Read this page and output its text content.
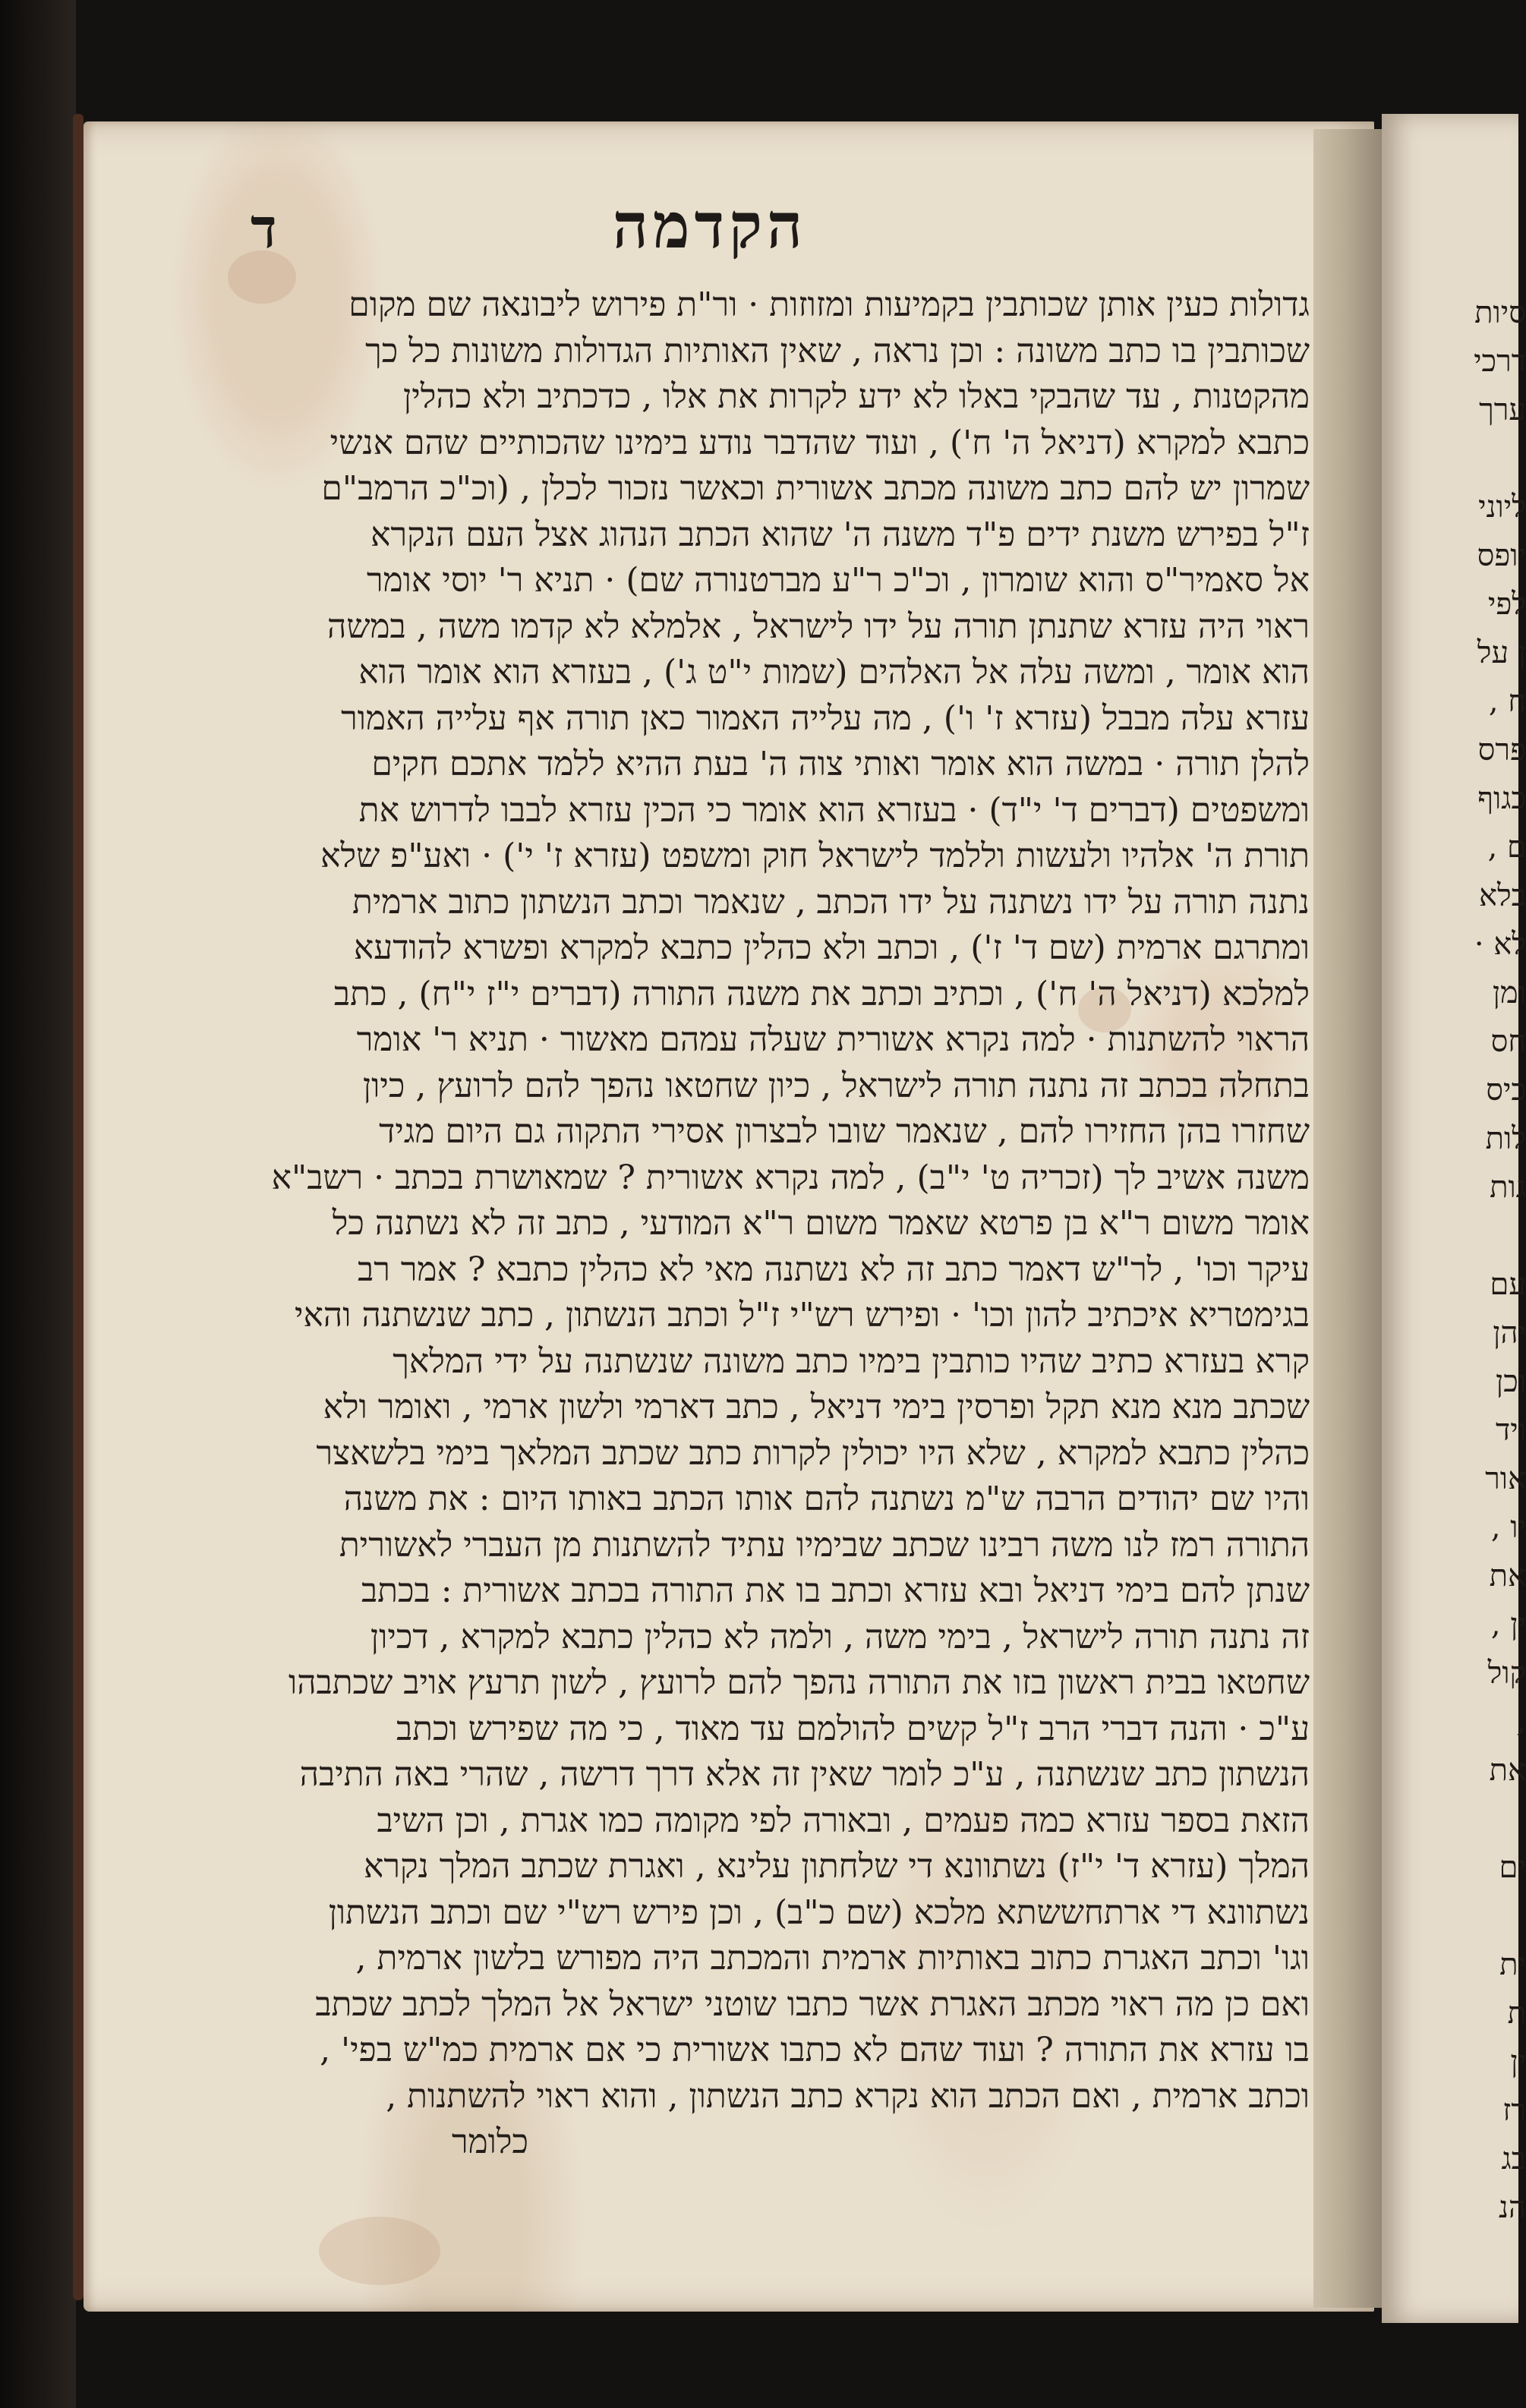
סיות
דרכי
ערך
ליוני
יופס
לפי
ן על
ח ,
פרס
כגוף
ם ,
בלא
לא ·
ומן
חס
כיס
לות
גות
עם
יהן
וכן
ויד
אור
יו ,
את
ין ,
קול
,
את
ים
ית
ת
ין
רז
בג
הנ
הקדמה
ד
גדולות כעין אותן שכותבין בקמיעות ומזוזות · ור"ת פירוש ליבונאה שם מקום
שכותבין בו כתב משונה : וכן נראה , שאין האותיות הגדולות משונות כל כך
מהקטנות , עד שהבקי באלו לא ידע לקרות את אלו , כדכתיב ולא כהלין
כתבא למקרא (דניאל ה' ח') , ועוד שהדבר נודע בימינו שהכותיים שהם אנשי
שמרון יש להם כתב משונה מכתב אשורית וכאשר נזכור לכלן , (וכ"כ הרמב"ם
ז"ל בפירש משנת ידים פ"ד משנה ה' שהוא הכתב הנהוג אצל העם הנקרא
אל סאמיר"ס והוא שומרון , וכ"כ ר"ע מברטנורה שם) · תניא ר' יוסי אומר
ראוי היה עזרא שתנתן תורה על ידו לישראל , אלמלא לא קדמו משה , במשה
הוא אומר , ומשה עלה אל האלהים (שמות י"ט ג') , בעזרא הוא אומר הוא
עזרא עלה מבבל (עזרא ז' ו') , מה עלייה האמור כאן תורה אף עלייה האמור
להלן תורה · במשה הוא אומר ואותי צוה ה' בעת ההיא ללמד אתכם חקים
ומשפטים (דברים ד' י"ד) · בעזרא הוא אומר כי הכין עזרא לבבו לדרוש את
תורת ה' אלהיו ולעשות וללמד לישראל חוק ומשפט (עזרא ז' י') · ואע"פ שלא
נתנה תורה על ידו נשתנה על ידו הכתב , שנאמר וכתב הנשתון כתוב ארמית
ומתרגם ארמית (שם ד' ז') , וכתב ולא כהלין כתבא למקרא ופשרא להודעא
למלכא (דניאל ה' ח') , וכתיב וכתב את משנה התורה (דברים י"ז י"ח) , כתב
הראוי להשתנות · למה נקרא אשורית שעלה עמהם מאשור · תניא ר' אומר
בתחלה בכתב זה נתנה תורה לישראל , כיון שחטאו נהפך להם לרועץ , כיון
שחזרו בהן החזירו להם , שנאמר שובו לבצרון אסירי התקוה גם היום מגיד
משנה אשיב לך (זכריה ט' י"ב) , למה נקרא אשורית ? שמאושרת בכתב · רשב"א
אומר משום ר"א בן פרטא שאמר משום ר"א המודעי , כתב זה לא נשתנה כל
עיקר וכו' , לר"ש דאמר כתב זה לא נשתנה מאי לא כהלין כתבא ? אמר רב
בגימטריא איכתיב להון וכו' · ופירש רש"י ז"ל וכתב הנשתון , כתב שנשתנה והאי
קרא בעזרא כתיב שהיו כותבין בימיו כתב משונה שנשתנה על ידי המלאך
שכתב מנא מנא תקל ופרסין בימי דניאל , כתב דארמי ולשון ארמי , ואומר ולא
כהלין כתבא למקרא , שלא היו יכולין לקרות כתב שכתב המלאך בימי בלשאצר
והיו שם יהודים הרבה ש"מ נשתנה להם אותו הכתב באותו היום : את משנה
התורה רמז לנו משה רבינו שכתב שבימיו עתיד להשתנות מן העברי לאשורית
שנתן להם בימי דניאל ובא עזרא וכתב בו את התורה בכתב אשורית : בכתב
זה נתנה תורה לישראל , בימי משה , ולמה לא כהלין כתבא למקרא , דכיון
שחטאו בבית ראשון בזו את התורה נהפך להם לרועץ , לשון תרעץ אויב שכתבהו
ע"כ · והנה דברי הרב ז"ל קשים להולמם עד מאוד , כי מה שפירש וכתב
הנשתון כתב שנשתנה , ע"כ לומר שאין זה אלא דרך דרשה , שהרי באה התיבה
הזאת בספר עזרא כמה פעמים , ובאורה לפי מקומה כמו אגרת , וכן השיב
המלך (עזרא ד' י"ז) נשתוונא די שלחתון עלינא , ואגרת שכתב המלך נקרא
נשתוונא די ארתחששתא מלכא (שם כ"ב) , וכן פירש רש"י שם וכתב הנשתון
וגו' וכתב האגרת כתוב באותיות ארמית והמכתב היה מפורש בלשון ארמית ,
ואם כן מה ראוי מכתב האגרת אשר כתבו שוטני ישראל אל המלך לכתב שכתב
בו עזרא את התורה ? ועוד שהם לא כתבו אשורית כי אם ארמית כמ"ש בפי' ,
וכתב ארמית , ואם הכתב הוא נקרא כתב הנשתון , והוא ראוי להשתנות ,
כלומר
